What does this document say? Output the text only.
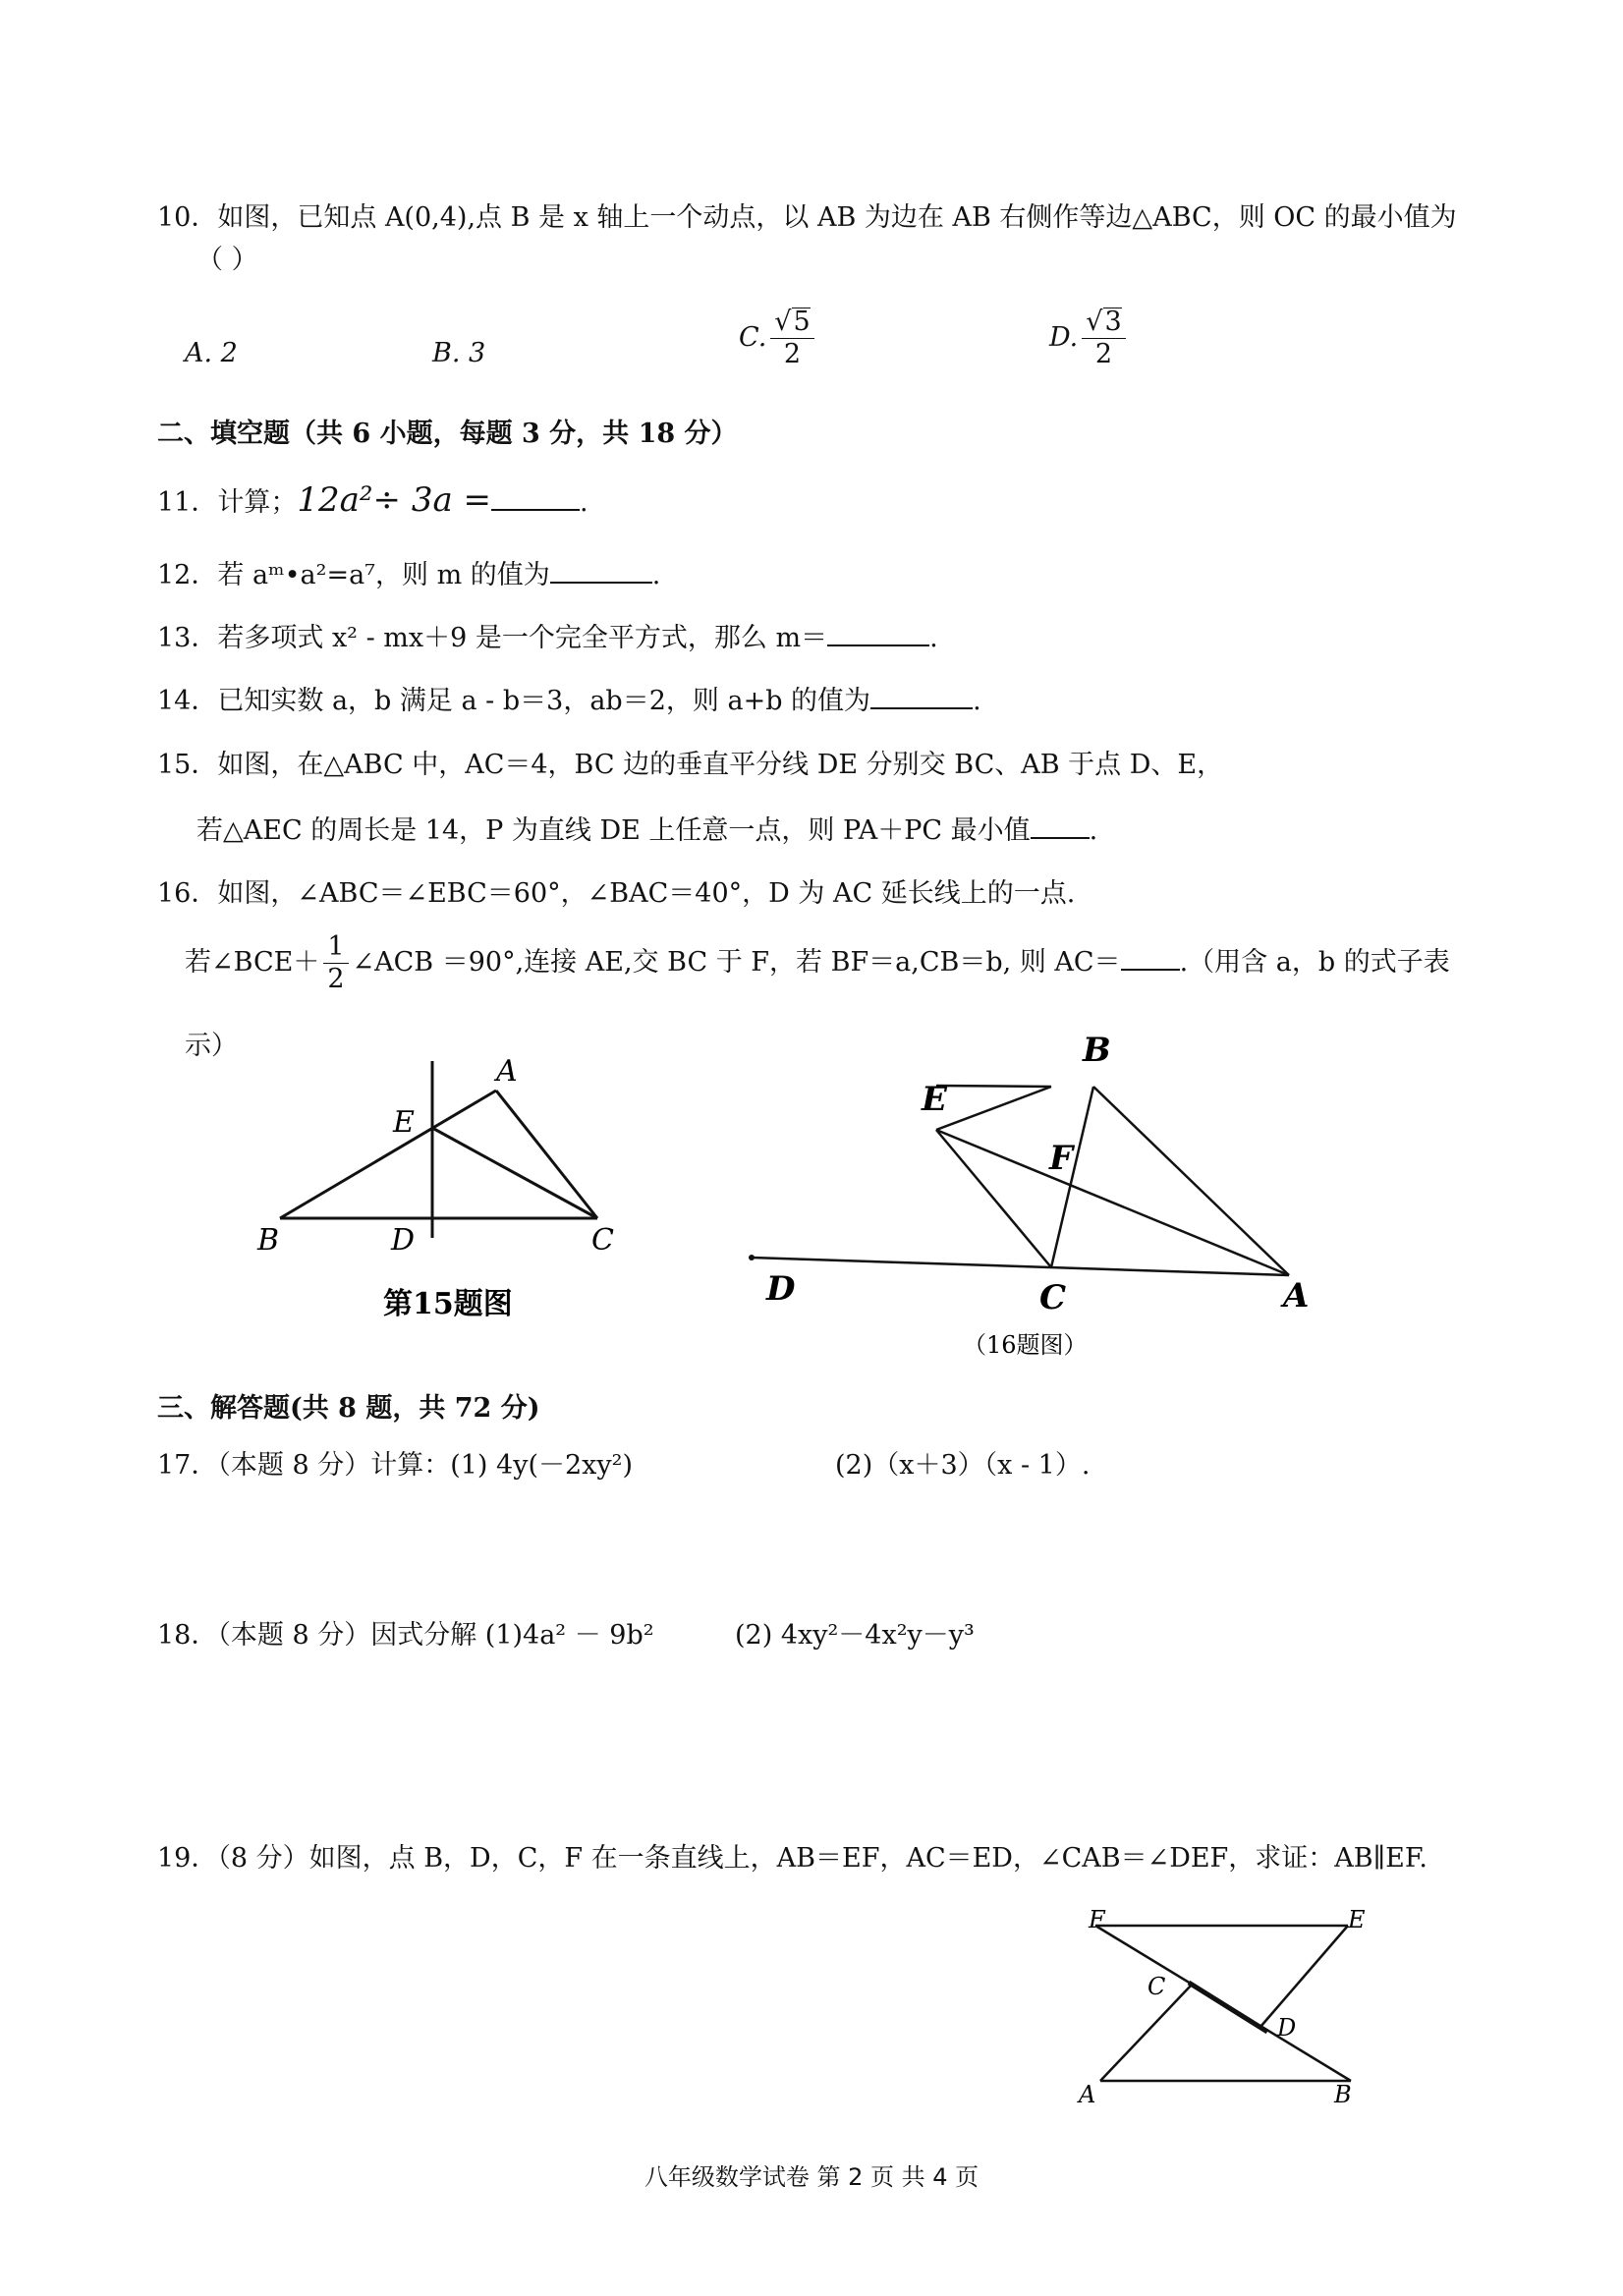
10．如图，已知点 A(0,4),点 B 是 x 轴上一个动点，以 AB 为边在 AB 右侧作等边△ABC，则 OC 的最小值为
（ ）
A. 2	B. 3
C. $\frac{√5}{2}$	D. $\frac{√3}{2}$
二、填空题（共 6 小题，每题 3 分，共 18 分）
11．计算；12a²÷ 3a =	.
12．若 aᵐ•a²=a⁷，则 m 的值为	.
13．若多项式 x² - mx＋9 是一个完全平方式，那么 m＝	.
14．已知实数 a，b 满足 a - b＝3，ab＝2，则 a+b 的值为	.
15．如图，在△ABC 中，AC＝4，BC 边的垂直平分线 DE 分别交 BC、AB 于点 D、E，
若△AEC 的周长是 14，P 为直线 DE 上任意一点，则 PA＋PC 最小值 .
16．如图，∠ABC＝∠EBC＝60°，∠BAC＝40°，D 为 AC 延长线上的一点.
若∠BCE＋ $\frac{1}{2}$ ∠ACB ＝90°,连接 AE,交 BC 于 F，若 BF＝a,CB＝b, 则 AC＝ .（用含 a，b 的式子表
示）
A
E
B	D	C
第15题图
B
E
F
D	C	A
（16题图）
三、解答题(共 8 题，共 72 分)
17．（本题 8 分）计算：(1) 4y(－2xy²)	(2)（x＋3）（x - 1）.
18．（本题 8 分）因式分解 (1)4a² － 9b²	(2) 4xy²－4x²y－y³
19．（8 分）如图，点 B，D，C，F 在一条直线上，AB＝EF，AC＝ED，∠CAB＝∠DEF，求证：AB∥EF.
F	E
C
D
A	B
八年级数学试卷 第 2 页 共 4 页
